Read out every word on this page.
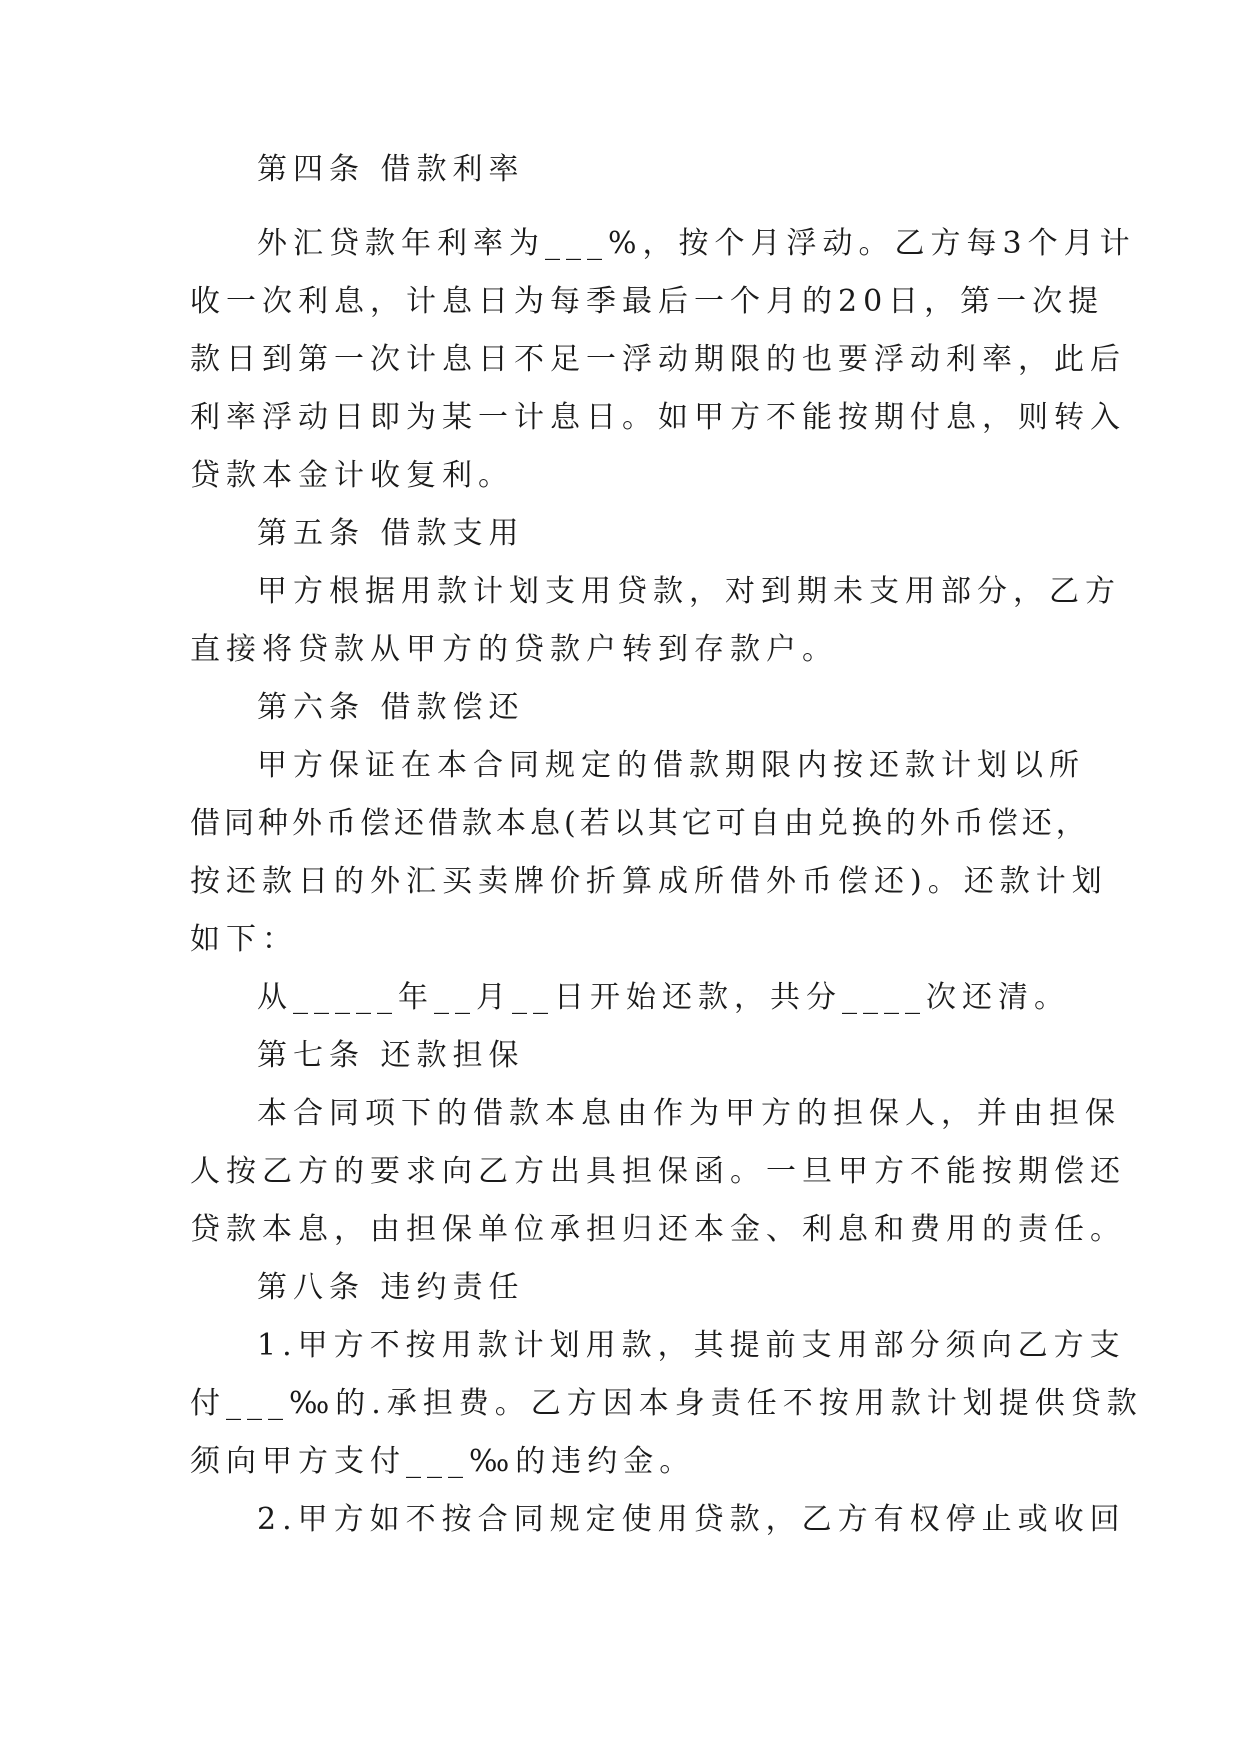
第四条 借款利率

外汇贷款年利率为___%，按个月浮动。乙方每3个月计

收一次利息，计息日为每季最后一个月的20日，第一次提

款日到第一次计息日不足一浮动期限的也要浮动利率，此后

利率浮动日即为某一计息日。如甲方不能按期付息，则转入

贷款本金计收复利。

第五条 借款支用

甲方根据用款计划支用贷款，对到期未支用部分，乙方

直接将贷款从甲方的贷款户转到存款户。

第六条 借款偿还

甲方保证在本合同规定的借款期限内按还款计划以所

借同种外币偿还借款本息(若以其它可自由兑换的外币偿还，

按还款日的外汇买卖牌价折算成所借外币偿还)。还款计划

如下：

从_____年__月__日开始还款，共分____次还清。

第七条 还款担保

本合同项下的借款本息由作为甲方的担保人，并由担保

人按乙方的要求向乙方出具担保函。一旦甲方不能按期偿还

贷款本息，由担保单位承担归还本金、利息和费用的责任。

第八条 违约责任

1.甲方不按用款计划用款，其提前支用部分须向乙方支

付___‰的.承担费。乙方因本身责任不按用款计划提供贷款

须向甲方支付___‰的违约金。

2.甲方如不按合同规定使用贷款，乙方有权停止或收回
